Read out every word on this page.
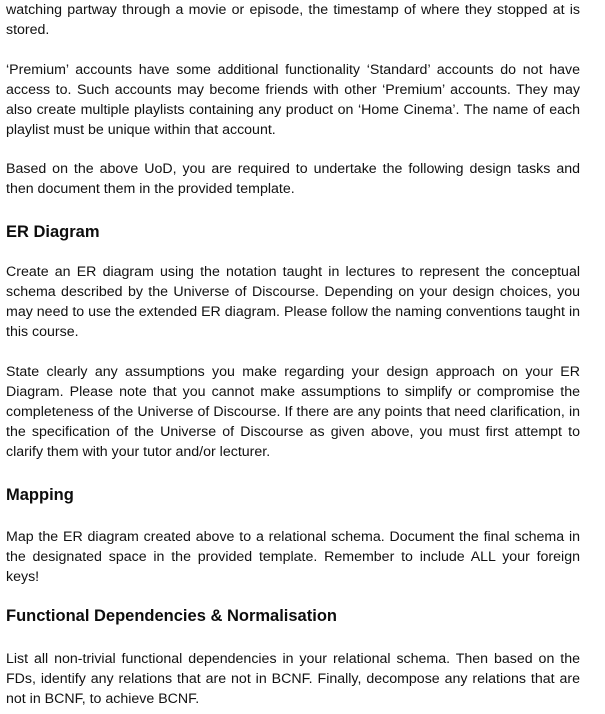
watching partway through a movie or episode, the timestamp of where they stopped at is stored.

‘Premium’ accounts have some additional functionality ‘Standard’ accounts do not have access to. Such accounts may become friends with other ‘Premium’ accounts. They may also create multiple playlists containing any product on ‘Home Cinema’. The name of each playlist must be unique within that account.

Based on the above UoD, you are required to undertake the following design tasks and then document them in the provided template.

ER Diagram

Create an ER diagram using the notation taught in lectures to represent the conceptual schema described by the Universe of Discourse. Depending on your design choices, you may need to use the extended ER diagram. Please follow the naming conventions taught in this course.

State clearly any assumptions you make regarding your design approach on your ER Diagram. Please note that you cannot make assumptions to simplify or compromise the completeness of the Universe of Discourse. If there are any points that need clarification, in the specification of the Universe of Discourse as given above, you must first attempt to clarify them with your tutor and/or lecturer.

Mapping

Map the ER diagram created above to a relational schema. Document the final schema in the designated space in the provided template. Remember to include ALL your foreign keys!

Functional Dependencies & Normalisation

List all non-trivial functional dependencies in your relational schema. Then based on the FDs, identify any relations that are not in BCNF. Finally, decompose any relations that are not in BCNF, to achieve BCNF.
